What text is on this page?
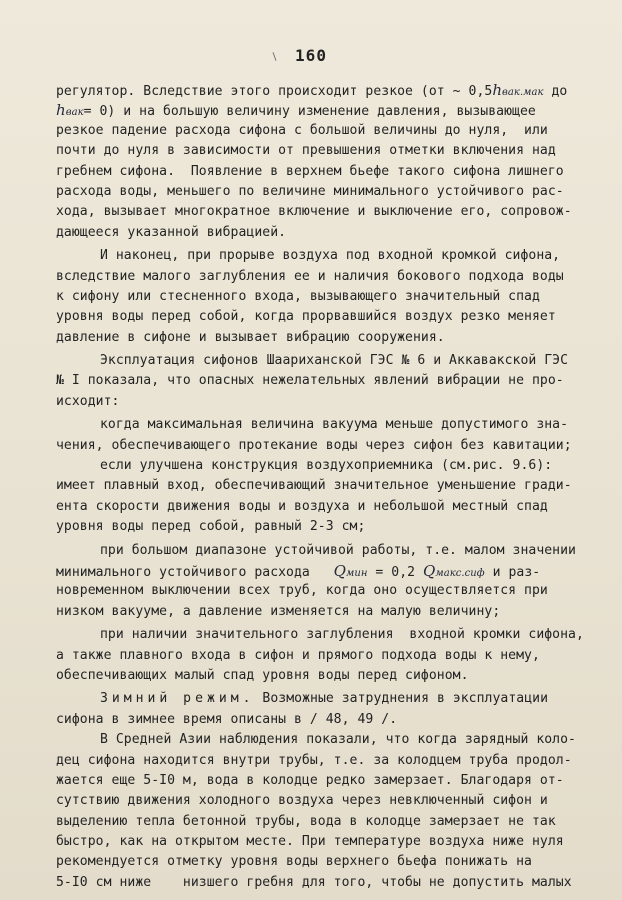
160
регулятор. Вследствие этого происходит резкое (от ~ 0,5hвак.мак до
hвак= 0) и на большую величину изменение давления, вызывающее
резкое падение расхода сифона с большой величины до нуля,  или
почти до нуля в зависимости от превышения отметки включения над
гребнем сифона.  Появление в верхнем бьефе такого сифона лишнего
расхода воды, меньшего по величине минимального устойчивого рас-
хода, вызывает многократное включение и выключение его, сопровож-
дающееся указанной вибрацией.
И наконец, при прорыве воздуха под входной кромкой сифона,
вследствие малого заглубления ее и наличия бокового подхода воды
к сифону или стесненного входа, вызывающего значительный спад
уровня воды перед собой, когда прорвавшийся воздух резко меняет
давление в сифоне и вызывает вибрацию сооружения.
Эксплуатация сифонов Шаариханской ГЭС № 6 и Аккавакской ГЭС
№ I показала, что опасных нежелательных явлений вибрации не про-
исходит:
когда максимальная величина вакуума меньше допустимого зна-
чения, обеспечивающего протекание воды через сифон без кавитации;
если улучшена конструкция воздухоприемника (см.рис. 9.6):
имеет плавный вход, обеспечивающий значительное уменьшение гради-
ента скорости движения воды и воздуха и небольшой местный спад
уровня воды перед собой, равный 2-3 см;
при большом диапазоне устойчивой работы, т.е. малом значении
минимального устойчивого расхода   Qмин = 0,2 Qмакс.сиф и раз-
новременном выключении всех труб, когда оно осуществляется при
низком вакууме, а давление изменяется на малую величину;
при наличии значительного заглубления  входной кромки сифона,
а также плавного входа в сифон и прямого подхода воды к нему,
обеспечивающих малый спад уровня воды перед сифоном.
Зимний режим. Возможные затруднения в эксплуатации
сифона в зимнее время описаны в / 48, 49 /.
В Средней Азии наблюдения показали, что когда зарядный коло-
дец сифона находится внутри трубы, т.е. за колодцем труба продол-
жается еще 5-I0 м, вода в колодце редко замерзает. Благодаря от-
сутствию движения холодного воздуха через невключенный сифон и
выделению тепла бетонной трубы, вода в колодце замерзает не так
быстро, как на открытом месте. При температуре воздуха ниже нуля
рекомендуется отметку уровня воды верхнего бьефа понижать на
5-I0 см ниже    низшего гребня для того, чтобы не допустить малых
